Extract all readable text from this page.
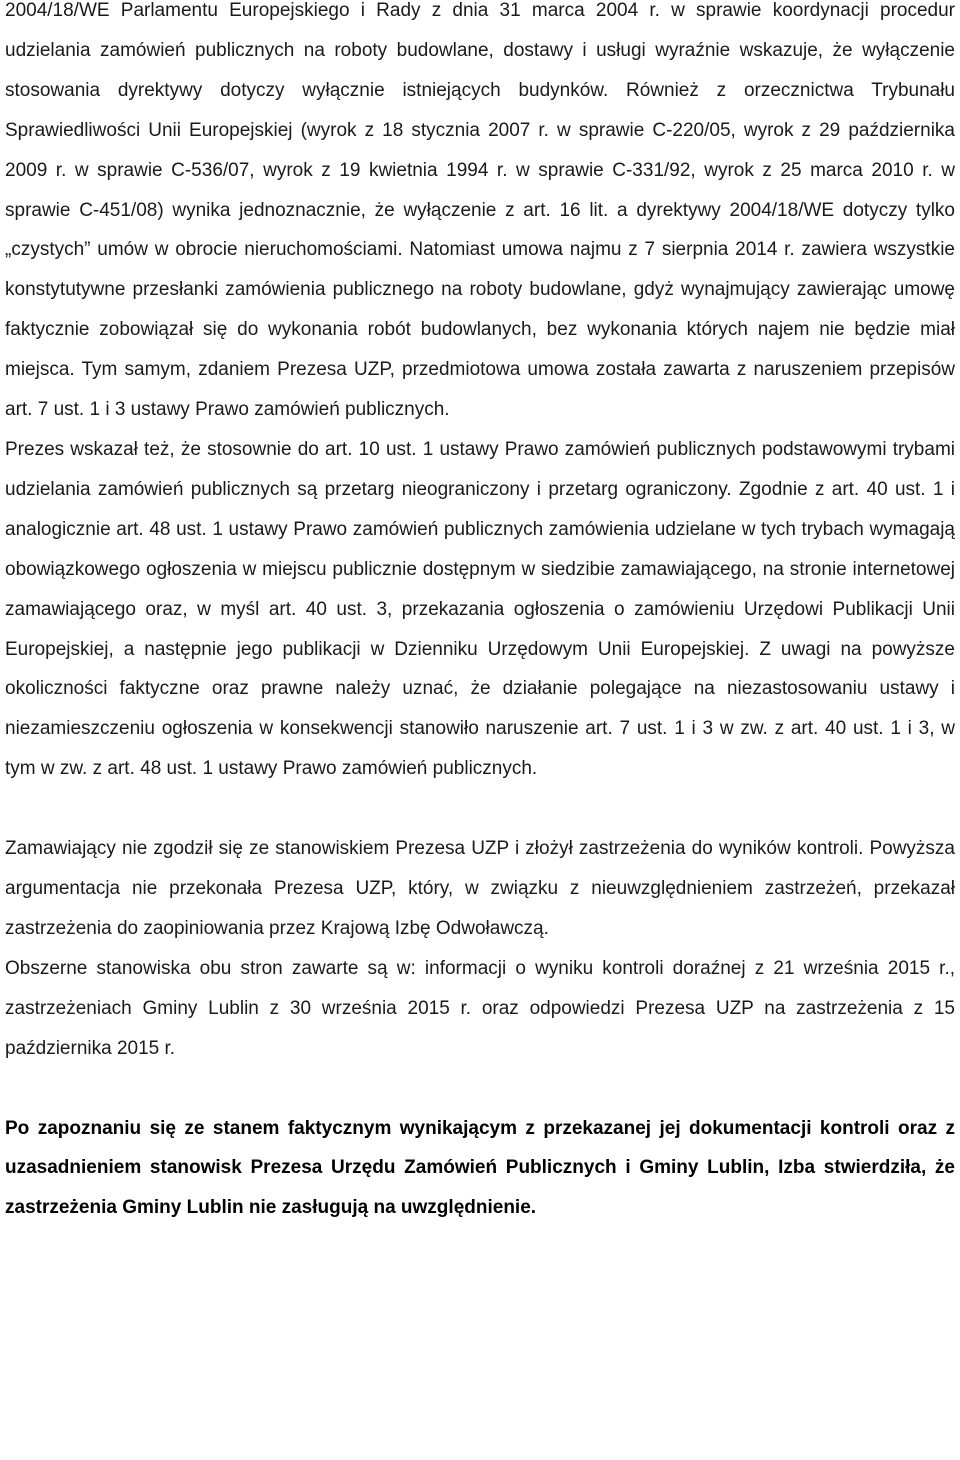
2004/18/WE Parlamentu Europejskiego i Rady z dnia 31 marca 2004 r. w sprawie koordynacji procedur udzielania zamówień publicznych na roboty budowlane, dostawy i usługi wyraźnie wskazuje, że wyłączenie stosowania dyrektywy dotyczy wyłącznie istniejących budynków. Również z orzecznictwa Trybunału Sprawiedliwości Unii Europejskiej (wyrok z 18 stycznia 2007 r. w sprawie C-220/05, wyrok z 29 października 2009 r. w sprawie C-536/07, wyrok z 19 kwietnia 1994 r. w sprawie C-331/92, wyrok z 25 marca 2010 r. w sprawie C-451/08) wynika jednoznacznie, że wyłączenie z art. 16 lit. a dyrektywy 2004/18/WE dotyczy tylko „czystych” umów w obrocie nieruchomościami. Natomiast umowa najmu z 7 sierpnia 2014 r. zawiera wszystkie konstytutywne przesłanki zamówienia publicznego na roboty budowlane, gdyż wynajmujący zawierając umowę faktycznie zobowiązał się do wykonania robót budowlanych, bez wykonania których najem nie będzie miał miejsca. Tym samym, zdaniem Prezesa UZP, przedmiotowa umowa została zawarta z naruszeniem przepisów art. 7 ust. 1 i 3 ustawy Prawo zamówień publicznych.

Prezes wskazał też, że stosownie do art. 10 ust. 1 ustawy Prawo zamówień publicznych podstawowymi trybami udzielania zamówień publicznych są przetarg nieograniczony i przetarg ograniczony. Zgodnie z art. 40 ust. 1 i analogicznie art. 48 ust. 1 ustawy Prawo zamówień publicznych zamówienia udzielane w tych trybach wymagają obowiązkowego ogłoszenia w miejscu publicznie dostępnym w siedzibie zamawiającego, na stronie internetowej zamawiającego oraz, w myśl art. 40 ust. 3, przekazania ogłoszenia o zamówieniu Urzędowi Publikacji Unii Europejskiej, a następnie jego publikacji w Dzienniku Urzędowym Unii Europejskiej. Z uwagi na powyższe okoliczności faktyczne oraz prawne należy uznać, że działanie polegające na niezastosowaniu ustawy i niezamieszczeniu ogłoszenia w konsekwencji stanowiło naruszenie art. 7 ust. 1 i 3 w zw. z art. 40 ust. 1 i 3, w tym w zw. z art. 48 ust. 1 ustawy Prawo zamówień publicznych.

Zamawiający nie zgodził się ze stanowiskiem Prezesa UZP i złożył zastrzeżenia do wyników kontroli. Powyższa argumentacja nie przekonała Prezesa UZP, który, w związku z nieuwzględnieniem zastrzeżeń, przekazał zastrzeżenia do zaopiniowania przez Krajową Izbę Odwoławczą.

Obszerne stanowiska obu stron zawarte są w: informacji o wyniku kontroli doraźnej z 21 września 2015 r., zastrzeżeniach Gminy Lublin z 30 września 2015 r. oraz odpowiedzi Prezesa UZP na zastrzeżenia z 15 października 2015 r.

Po zapoznaniu się ze stanem faktycznym wynikającym z przekazanej jej dokumentacji kontroli oraz z uzasadnieniem stanowisk Prezesa Urzędu Zamówień Publicznych i Gminy Lublin, Izba stwierdziła, że zastrzeżenia Gminy Lublin nie zasługują na uwzględnienie.
